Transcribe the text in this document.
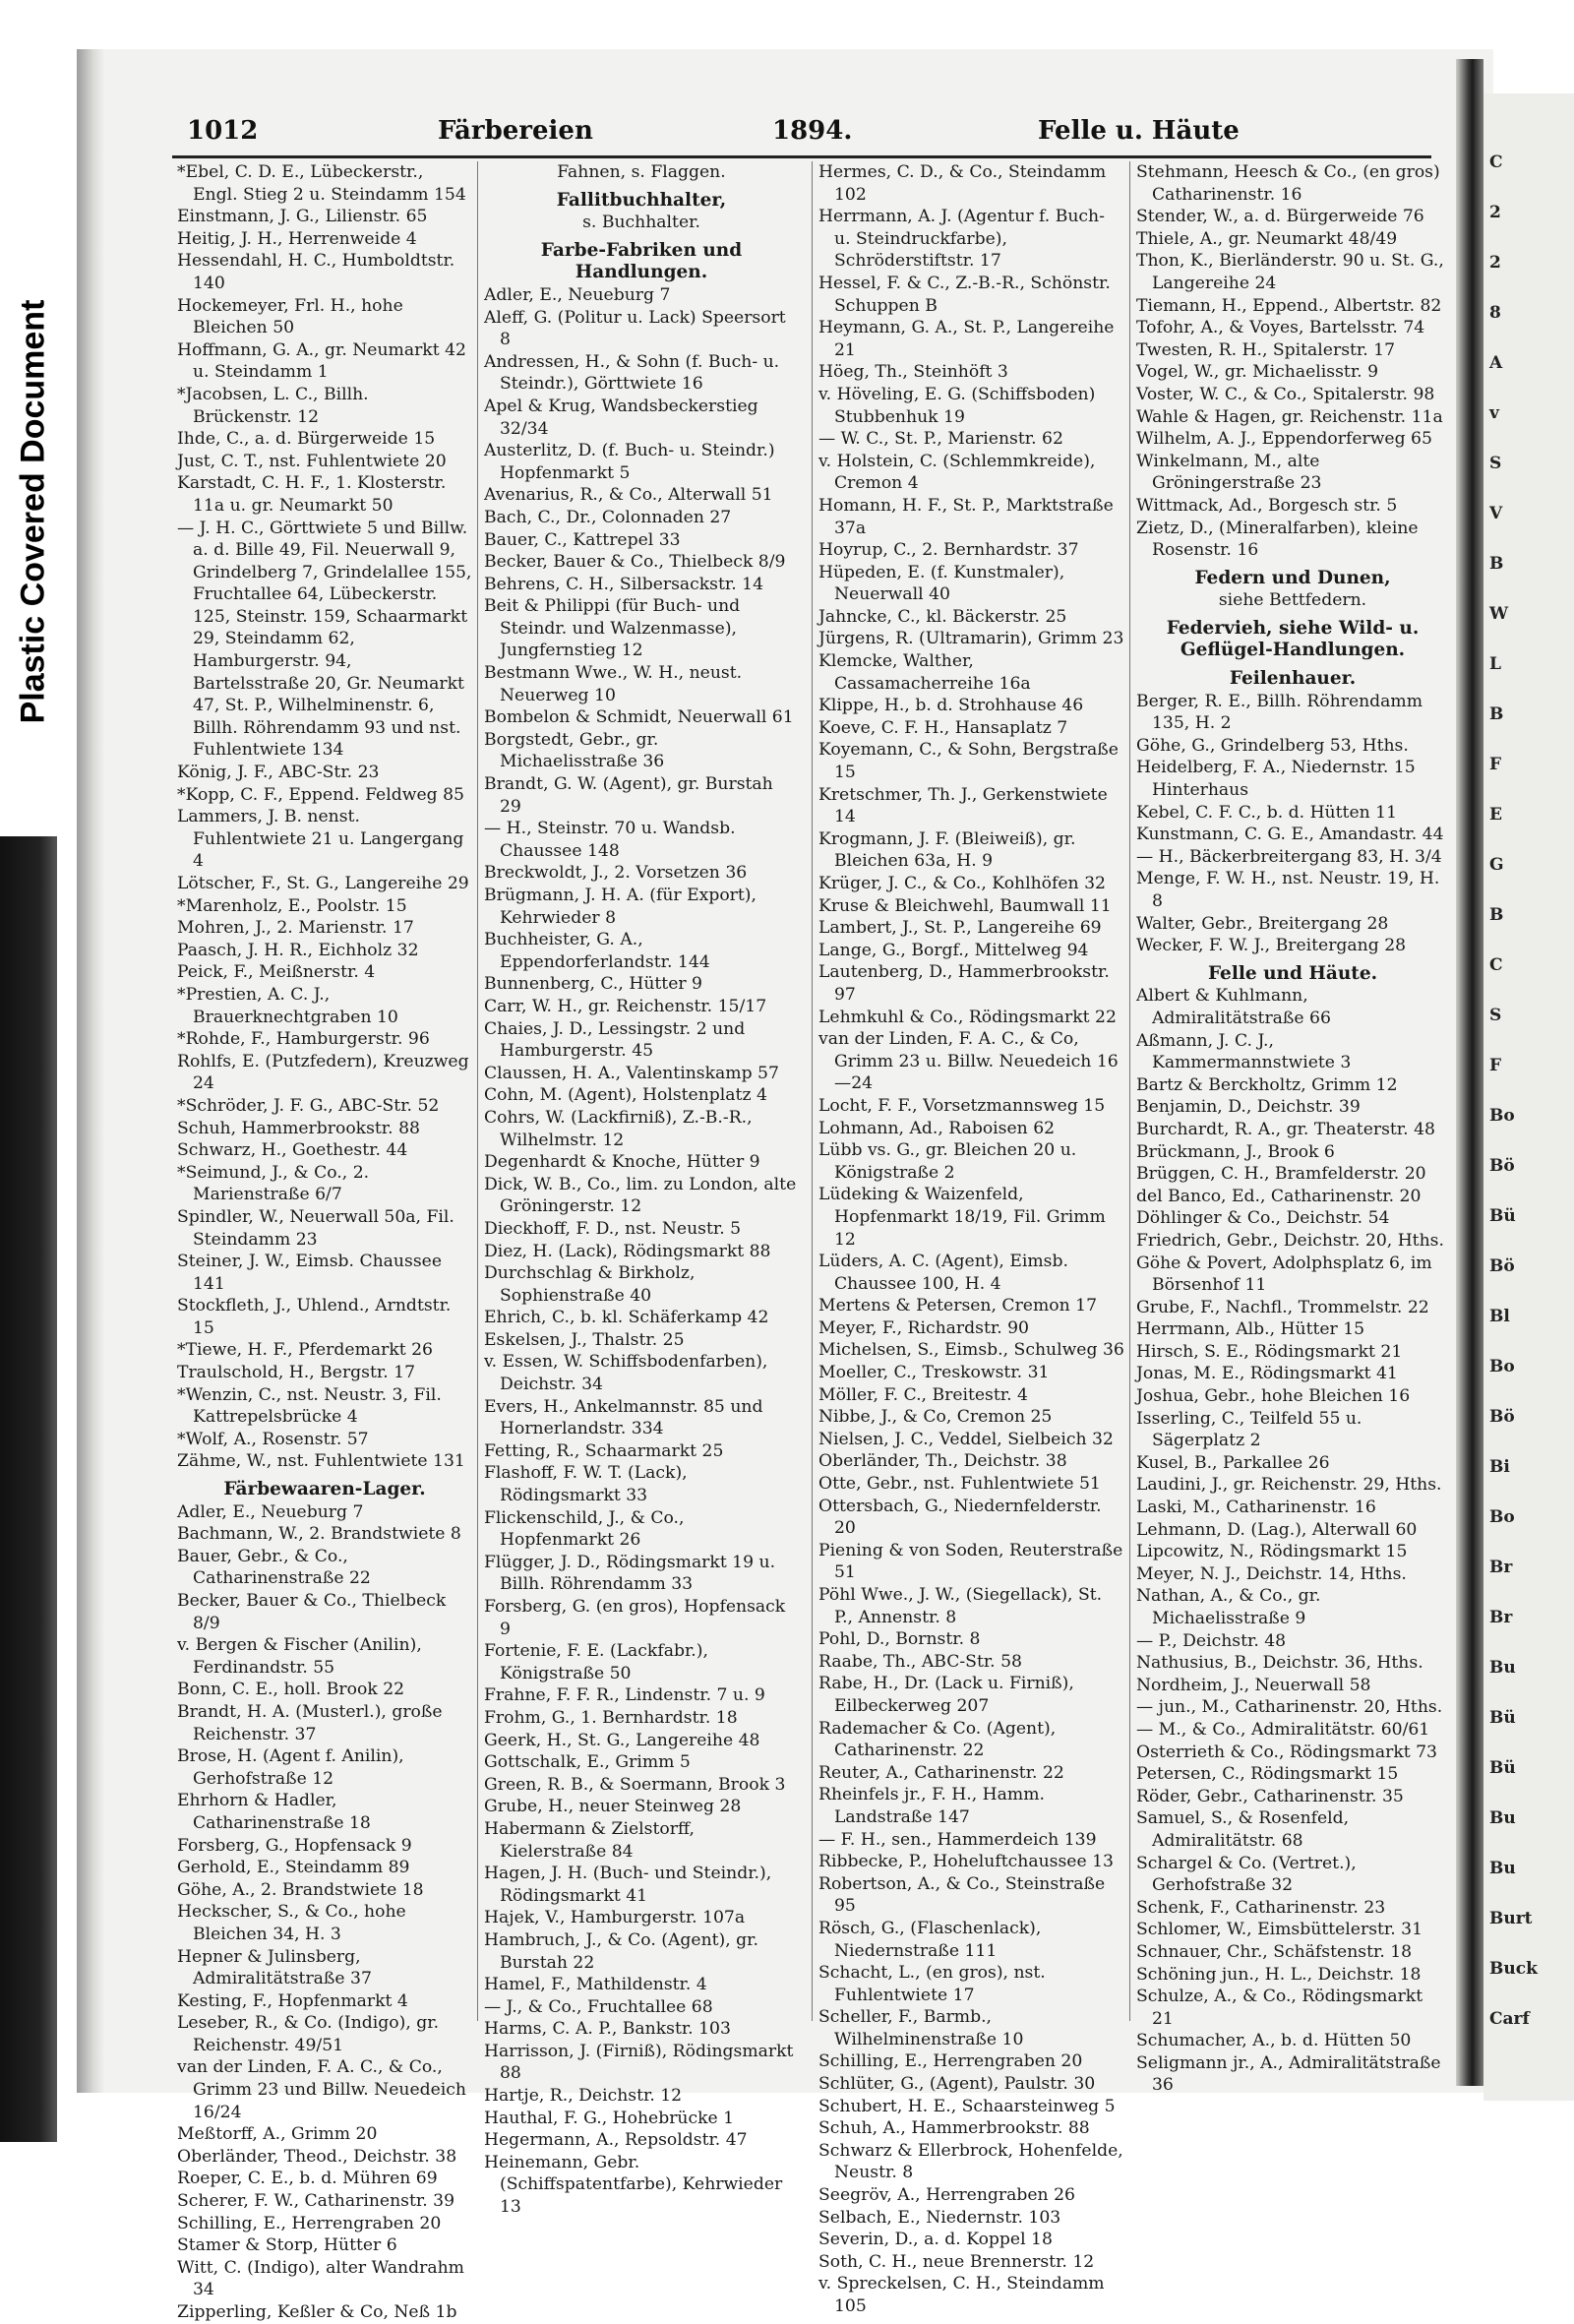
Plastic Covered Document
1012	Färbereien	1894.	Felle u. Häute

*Ebel, C. D. E., Lübeckerstr., Engl. Stieg 2 u. Steindamm 154

Einstmann, J. G., Lilienstr. 65

Heitig, J. H., Herrenweide 4

Hessendahl, H. C., Humboldtstr. 140

Hockemeyer, Frl. H., hohe Bleichen 50

Hoffmann, G. A., gr. Neumarkt 42 u. Steindamm 1

*Jacobsen, L. C., Billh. Brückenstr. 12

Ihde, C., a. d. Bürgerweide 15

Just, C. T., nst. Fuhlentwiete 20

Karstadt, C. H. F., 1. Klosterstr. 11a u. gr. Neumarkt 50

— J. H. C., Görttwiete 5 und Billw. a. d. Bille 49, Fil. Neuerwall 9, Grindelberg 7, Grindelallee 155, Fruchtallee 64, Lübeckerstr. 125, Steinstr. 159, Schaarmarkt 29, Steindamm 62, Hamburgerstr. 94, Bartelsstraße 20, Gr. Neumarkt 47, St. P., Wilhelminenstr. 6, Billh. Röhrendamm 93 und nst. Fuhlentwiete 134

König, J. F., ABC-Str. 23

*Kopp, C. F., Eppend. Feldweg 85

Lammers, J. B. nenst. Fuhlentwiete 21 u. Langergang 4

Lötscher, F., St. G., Langereihe 29

*Marenholz, E., Poolstr. 15

Mohren, J., 2. Marienstr. 17

Paasch, J. H. R., Eichholz 32

Peick, F., Meißnerstr. 4

*Prestien, A. C. J., Brauerknechtgraben 10

*Rohde, F., Hamburgerstr. 96

Rohlfs, E. (Putzfedern), Kreuzweg 24

*Schröder, J. F. G., ABC-Str. 52

Schuh, Hammerbrookstr. 88

Schwarz, H., Goethestr. 44

*Seimund, J., & Co., 2. Marienstraße 6/7

Spindler, W., Neuerwall 50a, Fil. Steindamm 23

Steiner, J. W., Eimsb. Chaussee 141

Stockfleth, J., Uhlend., Arndtstr. 15

*Tiewe, H. F., Pferdemarkt 26

Traulschold, H., Bergstr. 17

*Wenzin, C., nst. Neustr. 3, Fil. Kattrepelsbrücke 4

*Wolf, A., Rosenstr. 57

Zähme, W., nst. Fuhlentwiete 131

Färbewaaren-Lager.

Adler, E., Neueburg 7

Bachmann, W., 2. Brandstwiete 8

Bauer, Gebr., & Co., Catharinenstraße 22

Becker, Bauer & Co., Thielbeck 8/9

v. Bergen & Fischer (Anilin), Ferdinandstr. 55

Bonn, C. E., holl. Brook 22

Brandt, H. A. (Musterl.), große Reichenstr. 37

Brose, H. (Agent f. Anilin), Gerhofstraße 12

Ehrhorn & Hadler, Catharinenstraße 18

Forsberg, G., Hopfensack 9

Gerhold, E., Steindamm 89

Göhe, A., 2. Brandstwiete 18

Heckscher, S., & Co., hohe Bleichen 34, H. 3

Hepner & Julinsberg, Admiralitätstraße 37

Kesting, F., Hopfenmarkt 4

Leseber, R., & Co. (Indigo), gr. Reichenstr. 49/51

van der Linden, F. A. C., & Co., Grimm 23 und Billw. Neuedeich 16/24

Meßtorff, A., Grimm 20

Oberländer, Theod., Deichstr. 38

Roeper, C. E., b. d. Mühren 69

Scherer, F. W., Catharinenstr. 39

Schilling, E., Herrengraben 20

Stamer & Storp, Hütter 6

Witt, C. (Indigo), alter Wandrahm 34

Zipperling, Keßler & Co, Neß 1b

Fahnen, s. Flaggen.

Fallitbuchhalter,

s. Buchhalter.

Farbe-Fabriken und Handlungen.

Adler, E., Neueburg 7

Aleff, G. (Politur u. Lack) Speersort 8

Andressen, H., & Sohn (f. Buch- u. Steindr.), Görttwiete 16

Apel & Krug, Wandsbeckerstieg 32/34

Austerlitz, D. (f. Buch- u. Steindr.) Hopfenmarkt 5

Avenarius, R., & Co., Alterwall 51

Bach, C., Dr., Colonnaden 27

Bauer, C., Kattrepel 33

Becker, Bauer & Co., Thielbeck 8/9

Behrens, C. H., Silbersackstr. 14

Beit & Philippi (für Buch- und Steindr. und Walzenmasse), Jungfernstieg 12

Bestmann Wwe., W. H., neust. Neuerweg 10

Bombelon & Schmidt, Neuerwall 61

Borgstedt, Gebr., gr. Michaelisstraße 36

Brandt, G. W. (Agent), gr. Burstah 29

— H., Steinstr. 70 u. Wandsb. Chaussee 148

Breckwoldt, J., 2. Vorsetzen 36

Brügmann, J. H. A. (für Export), Kehrwieder 8

Buchheister, G. A., Eppendorferlandstr. 144

Bunnenberg, C., Hütter 9

Carr, W. H., gr. Reichenstr. 15/17

Chaies, J. D., Lessingstr. 2 und Hamburgerstr. 45

Claussen, H. A., Valentinskamp 57

Cohn, M. (Agent), Holstenplatz 4

Cohrs, W. (Lackfirniß), Z.-B.-R., Wilhelmstr. 12

Degenhardt & Knoche, Hütter 9

Dick, W. B., Co., lim. zu London, alte Gröningerstr. 12

Dieckhoff, F. D., nst. Neustr. 5

Diez, H. (Lack), Rödingsmarkt 88

Durchschlag & Birkholz, Sophienstraße 40

Ehrich, C., b. kl. Schäferkamp 42

Eskelsen, J., Thalstr. 25

v. Essen, W. Schiffsbodenfarben), Deichstr. 34

Evers, H., Ankelmannstr. 85 und Hornerlandstr. 334

Fetting, R., Schaarmarkt 25

Flashoff, F. W. T. (Lack), Rödingsmarkt 33

Flickenschild, J., & Co., Hopfenmarkt 26

Flügger, J. D., Rödingsmarkt 19 u. Billh. Röhrendamm 33

Forsberg, G. (en gros), Hopfensack 9

Fortenie, F. E. (Lackfabr.), Königstraße 50

Frahne, F. F. R., Lindenstr. 7 u. 9

Frohm, G., 1. Bernhardstr. 18

Geerk, H., St. G., Langereihe 48

Gottschalk, E., Grimm 5

Green, R. B., & Soermann, Brook 3

Grube, H., neuer Steinweg 28

Habermann & Zielstorff, Kielerstraße 84

Hagen, J. H. (Buch- und Steindr.), Rödingsmarkt 41

Hajek, V., Hamburgerstr. 107a

Hambruch, J., & Co. (Agent), gr. Burstah 22

Hamel, F., Mathildenstr. 4

— J., & Co., Fruchtallee 68

Harms, C. A. P., Bankstr. 103

Harrisson, J. (Firniß), Rödingsmarkt 88

Hartje, R., Deichstr. 12

Hauthal, F. G., Hohebrücke 1

Hegermann, A., Repsoldstr. 47

Heinemann, Gebr. (Schiffspatentfarbe), Kehrwieder 13

Hermes, C. D., & Co., Steindamm 102

Herrmann, A. J. (Agentur f. Buch- u. Steindruckfarbe), Schröderstiftstr. 17

Hessel, F. & C., Z.-B.-R., Schönstr. Schuppen B

Heymann, G. A., St. P., Langereihe 21

Höeg, Th., Steinhöft 3

v. Höveling, E. G. (Schiffsboden) Stubbenhuk 19

— W. C., St. P., Marienstr. 62

v. Holstein, C. (Schlemmkreide), Cremon 4

Homann, H. F., St. P., Marktstraße 37a

Hoyrup, C., 2. Bernhardstr. 37

Hüpeden, E. (f. Kunstmaler), Neuerwall 40

Jahncke, C., kl. Bäckerstr. 25

Jürgens, R. (Ultramarin), Grimm 23

Klemcke, Walther, Cassamacherreihe 16a

Klippe, H., b. d. Strohhause 46

Koeve, C. F. H., Hansaplatz 7

Koyemann, C., & Sohn, Bergstraße 15

Kretschmer, Th. J., Gerkenstwiete 14

Krogmann, J. F. (Bleiweiß), gr. Bleichen 63a, H. 9

Krüger, J. C., & Co., Kohlhöfen 32

Kruse & Bleichwehl, Baumwall 11

Lambert, J., St. P., Langereihe 69

Lange, G., Borgf., Mittelweg 94

Lautenberg, D., Hammerbrookstr. 97

Lehmkuhl & Co., Rödingsmarkt 22

van der Linden, F. A. C., & Co, Grimm 23 u. Billw. Neuedeich 16—24

Locht, F. F., Vorsetzmannsweg 15

Lohmann, Ad., Raboisen 62

Lübb vs. G., gr. Bleichen 20 u. Königstraße 2

Lüdeking & Waizenfeld, Hopfenmarkt 18/19, Fil. Grimm 12

Lüders, A. C. (Agent), Eimsb. Chaussee 100, H. 4

Mertens & Petersen, Cremon 17

Meyer, F., Richardstr. 90

Michelsen, S., Eimsb., Schulweg 36

Moeller, C., Treskowstr. 31

Möller, F. C., Breitestr. 4

Nibbe, J., & Co, Cremon 25

Nielsen, J. C., Veddel, Sielbeich 32

Oberländer, Th., Deichstr. 38

Otte, Gebr., nst. Fuhlentwiete 51

Ottersbach, G., Niedernfelderstr. 20

Piening & von Soden, Reuterstraße 51

Pöhl Wwe., J. W., (Siegellack), St. P., Annenstr. 8

Pohl, D., Bornstr. 8

Raabe, Th., ABC-Str. 58

Rabe, H., Dr. (Lack u. Firniß), Eilbeckerweg 207

Rademacher & Co. (Agent), Catharinenstr. 22

Reuter, A., Catharinenstr. 22

Rheinfels jr., F. H., Hamm. Landstraße 147

— F. H., sen., Hammerdeich 139

Ribbecke, P., Hoheluftchaussee 13

Robertson, A., & Co., Steinstraße 95

Rösch, G., (Flaschenlack), Niedernstraße 111

Schacht, L., (en gros), nst. Fuhlentwiete 17

Scheller, F., Barmb., Wilhelminenstraße 10

Schilling, E., Herrengraben 20

Schlüter, G., (Agent), Paulstr. 30

Schubert, H. E., Schaarsteinweg 5

Schuh, A., Hammerbrookstr. 88

Schwarz & Ellerbrock, Hohenfelde, Neustr. 8

Seegröv, A., Herrengraben 26

Selbach, E., Niedernstr. 103

Severin, D., a. d. Koppel 18

Soth, C. H., neue Brennerstr. 12

v. Spreckelsen, C. H., Steindamm 105

Stehmann, Heesch & Co., (en gros) Catharinenstr. 16

Stender, W., a. d. Bürgerweide 76

Thiele, A., gr. Neumarkt 48/49

Thon, K., Bierländerstr. 90 u. St. G., Langereihe 24

Tiemann, H., Eppend., Albertstr. 82

Tofohr, A., & Voyes, Bartelsstr. 74

Twesten, R. H., Spitalerstr. 17

Vogel, W., gr. Michaelisstr. 9

Voster, W. C., & Co., Spitalerstr. 98

Wahle & Hagen, gr. Reichenstr. 11a

Wilhelm, A. J., Eppendorferweg 65

Winkelmann, M., alte Gröningerstraße 23

Wittmack, Ad., Borgesch str. 5

Zietz, D., (Mineralfarben), kleine Rosenstr. 16

Federn und Dunen,

siehe Bettfedern.

Federvieh, siehe Wild- u. Geflügel-Handlungen.

Feilenhauer.

Berger, R. E., Billh. Röhrendamm 135, H. 2

Göhe, G., Grindelberg 53, Hths.

Heidelberg, F. A., Niedernstr. 15 Hinterhaus

Kebel, C. F. C., b. d. Hütten 11

Kunstmann, C. G. E., Amandastr. 44

— H., Bäckerbreitergang 83, H. 3/4

Menge, F. W. H., nst. Neustr. 19, H. 8

Walter, Gebr., Breitergang 28

Wecker, F. W. J., Breitergang 28

Felle und Häute.

Albert & Kuhlmann, Admiralitätstraße 66

Aßmann, J. C. J., Kammermannstwiete 3

Bartz & Berckholtz, Grimm 12

Benjamin, D., Deichstr. 39

Burchardt, R. A., gr. Theaterstr. 48

Brückmann, J., Brook 6

Brüggen, C. H., Bramfelderstr. 20

del Banco, Ed., Catharinenstr. 20

Döhlinger & Co., Deichstr. 54

Friedrich, Gebr., Deichstr. 20, Hths.

Göhe & Povert, Adolphsplatz 6, im Börsenhof 11

Grube, F., Nachfl., Trommelstr. 22

Herrmann, Alb., Hütter 15

Hirsch, S. E., Rödingsmarkt 21

Jonas, M. E., Rödingsmarkt 41

Joshua, Gebr., hohe Bleichen 16

Isserling, C., Teilfeld 55 u. Sägerplatz 2

Kusel, B., Parkallee 26

Laudini, J., gr. Reichenstr. 29, Hths.

Laski, M., Catharinenstr. 16

Lehmann, D. (Lag.), Alterwall 60

Lipcowitz, N., Rödingsmarkt 15

Meyer, N. J., Deichstr. 14, Hths.

Nathan, A., & Co., gr. Michaelisstraße 9

— P., Deichstr. 48

Nathusius, B., Deichstr. 36, Hths.

Nordheim, J., Neuerwall 58

— jun., M., Catharinenstr. 20, Hths.

— M., & Co., Admiralitätstr. 60/61

Osterrieth & Co., Rödingsmarkt 73

Petersen, C., Rödingsmarkt 15

Röder, Gebr., Catharinenstr. 35

Samuel, S., & Rosenfeld, Admiralitätstr. 68

Schargel & Co. (Vertret.), Gerhofstraße 32

Schenk, F., Catharinenstr. 23

Schlomer, W., Eimsbüttelerstr. 31

Schnauer, Chr., Schäfstenstr. 18

Schöning jun., H. L., Deichstr. 18

Schulze, A., & Co., Rödingsmarkt 21

Schumacher, A., b. d. Hütten 50

Seligmann jr., A., Admiralitätstraße 36

C
2
2
8
A
v
S
V
B
W
L
B
F
E
G
B
C
S
F
Bo
Bö
Bü
Bö
Bl
Bo
Bö
Bi
Bo
Br
Br
Bu
Bü
Bü
Bu
Bu
Burt
Buck
Carf
